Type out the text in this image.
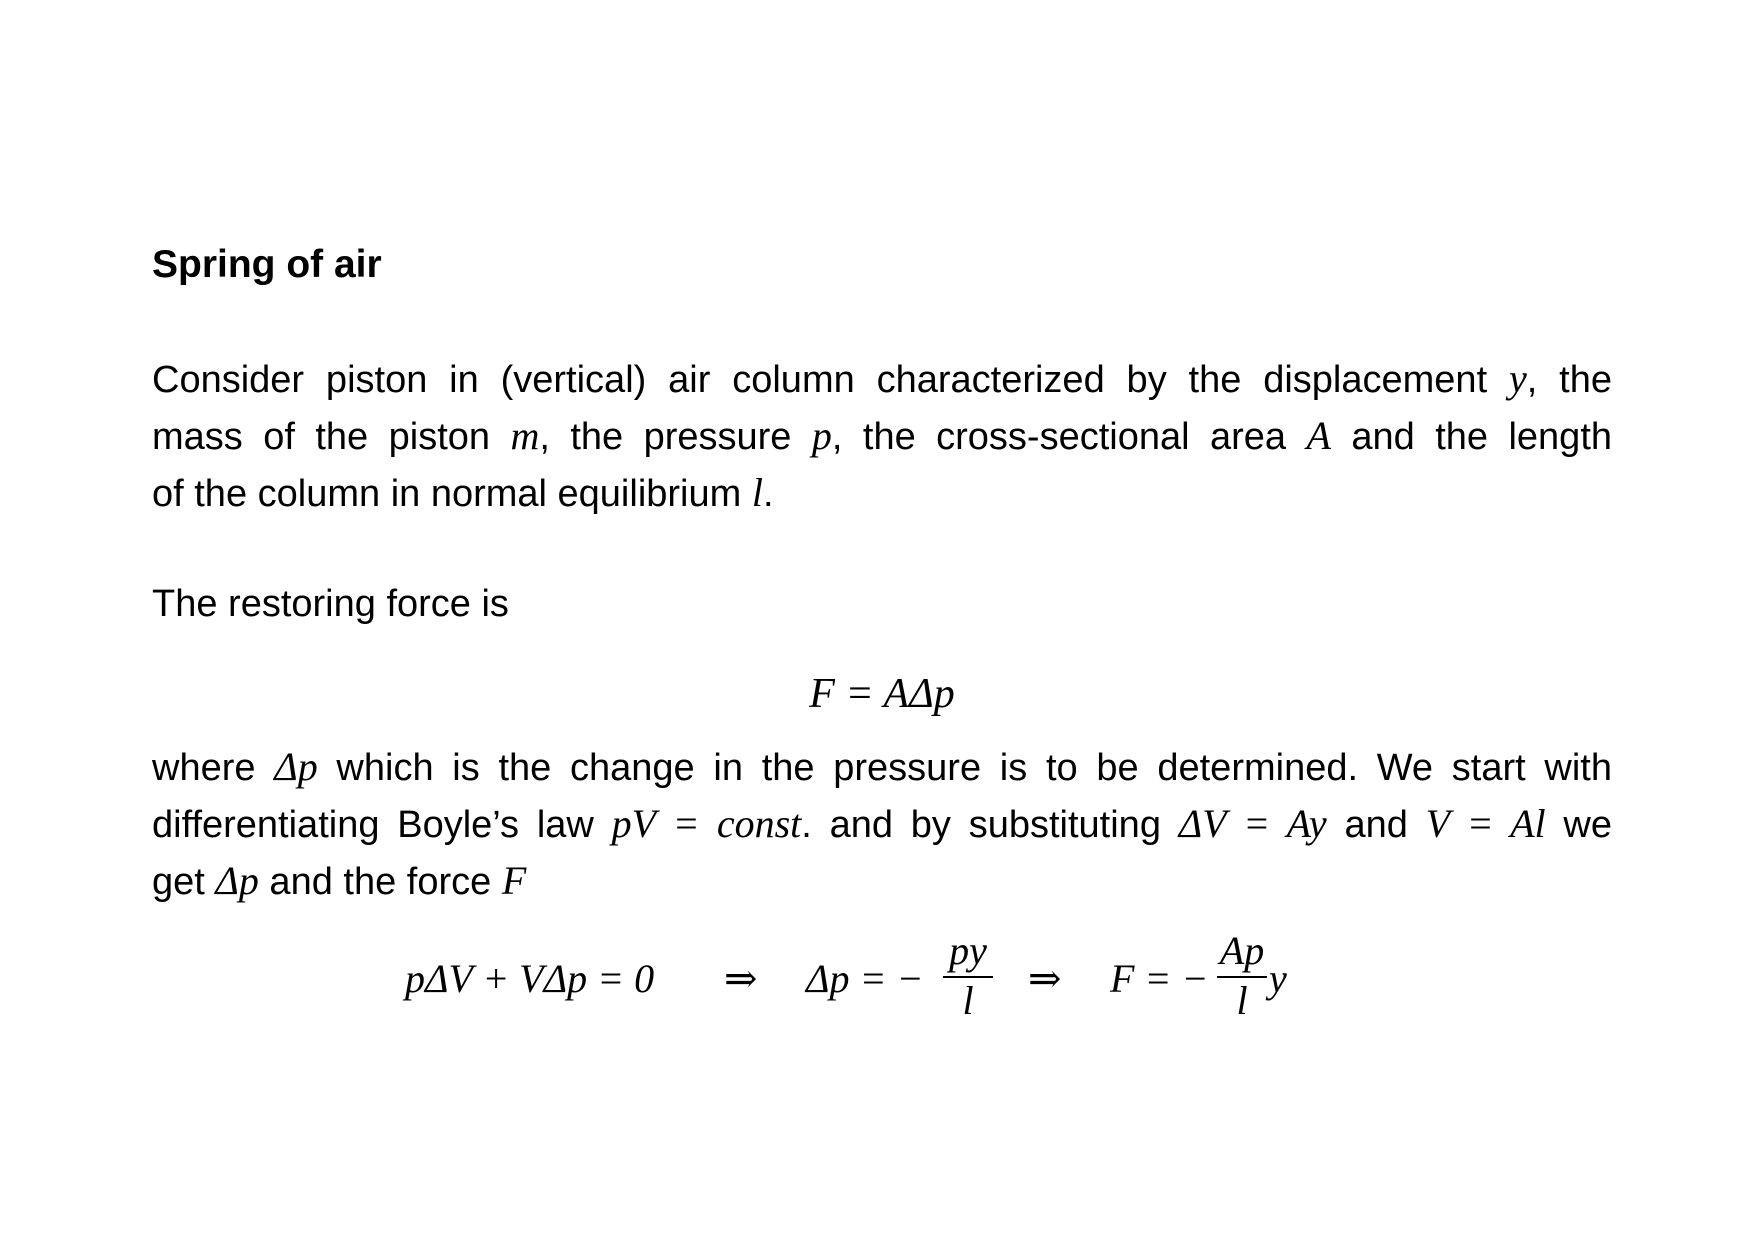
Spring of air

Consider piston in (vertical) air column characterized by the displacement y, the
mass of the piston m, the pressure p, the cross-sectional area A and the length
of the column in normal equilibrium l.

The restoring force is

F = AΔp

where Δp which is the change in the pressure is to be determined. We start with
differentiating Boyle’s law pV = const. and by substituting ΔV = Ay and V = Al we
get Δp and the force F

pΔV + VΔp = 0 ⇒ Δp = −
py
l	⇒ F = −
Ap
l y
